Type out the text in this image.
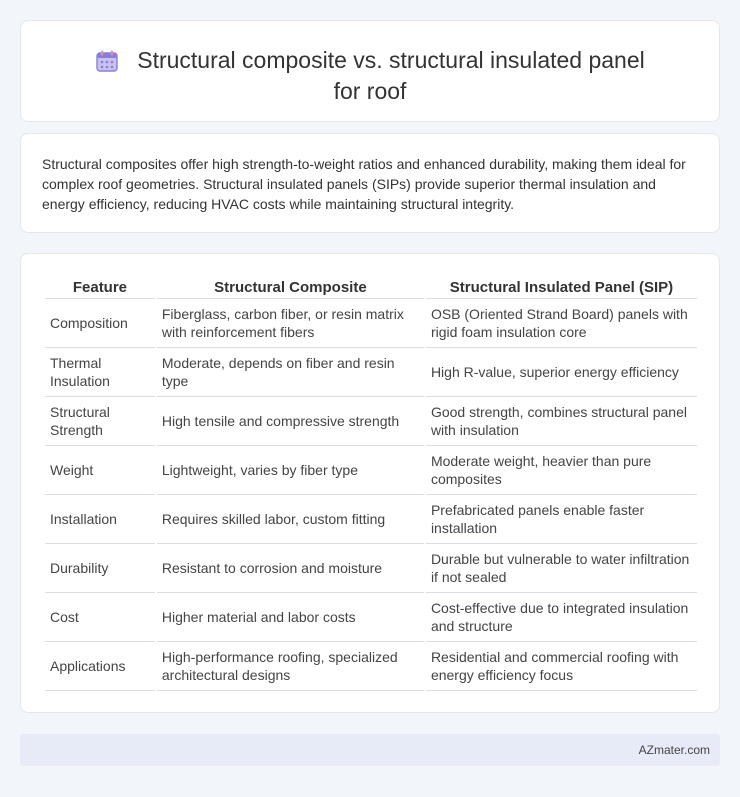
Structural composite vs. structural insulated panel for roof

Structural composites offer high strength-to-weight ratios and enhanced durability, making them ideal for complex roof geometries. Structural insulated panels (SIPs) provide superior thermal insulation and energy efficiency, reducing HVAC costs while maintaining structural integrity.

Feature	Structural Composite	Structural Insulated Panel (SIP)
Composition	Fiberglass, carbon fiber, or resin matrix with reinforcement fibers	OSB (Oriented Strand Board) panels with rigid foam insulation core
Thermal Insulation	Moderate, depends on fiber and resin type	High R-value, superior energy efficiency
Structural Strength	High tensile and compressive strength	Good strength, combines structural panel with insulation
Weight	Lightweight, varies by fiber type	Moderate weight, heavier than pure composites
Installation	Requires skilled labor, custom fitting	Prefabricated panels enable faster installation
Durability	Resistant to corrosion and moisture	Durable but vulnerable to water infiltration if not sealed
Cost	Higher material and labor costs	Cost-effective due to integrated insulation and structure
Applications	High-performance roofing, specialized architectural designs	Residential and commercial roofing with energy efficiency focus
AZmater.com
